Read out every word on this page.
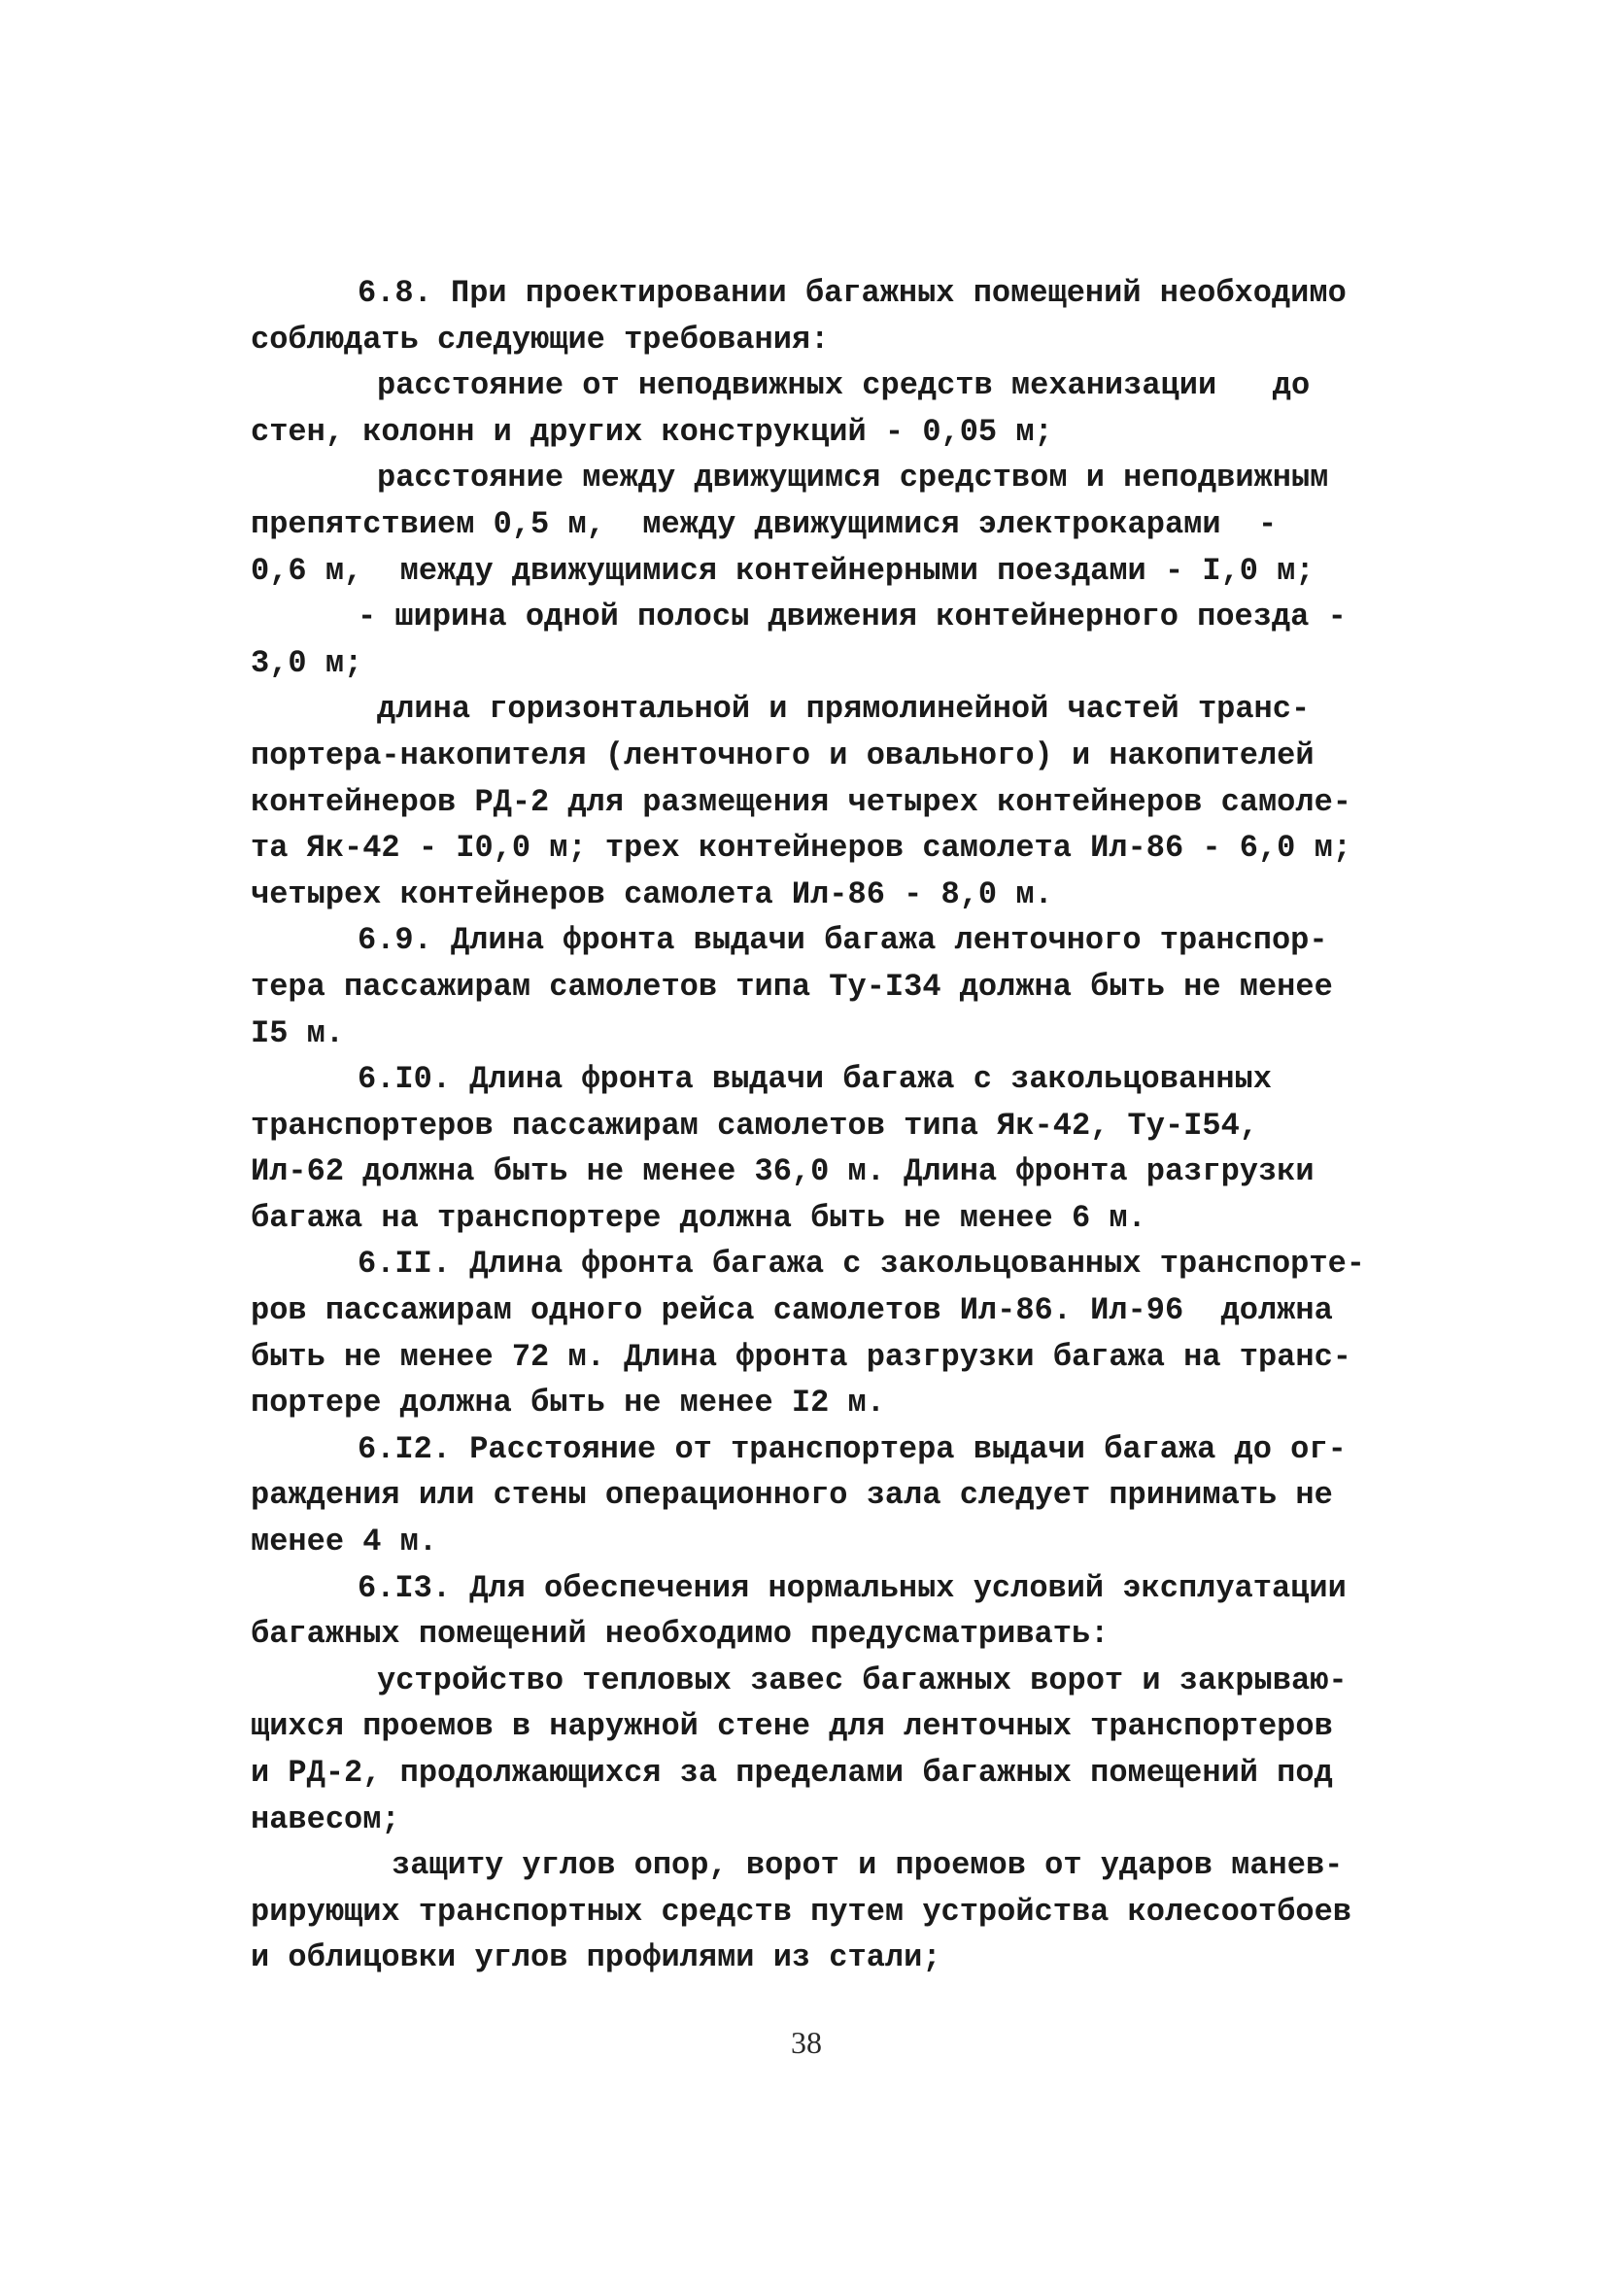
6.8. При проектировании багажных помещений необходимо
соблюдать следующие требования:
расстояние от неподвижных средств механизации   до
стен, колонн и других конструкций - 0,05 м;
расстояние между движущимся средством и неподвижным
препятствием 0,5 м,  между движущимися электрокарами  -
0,6 м,  между движущимися контейнерными поездами - I,0 м;
- ширина одной полосы движения контейнерного поезда -
3,0 м;
длина горизонтальной и прямолинейной частей транс-
портера-накопителя (ленточного и овального) и накопителей
контейнеров РД-2 для размещения четырех контейнеров самоле-
та Як-42 - I0,0 м; трех контейнеров самолета Ил-86 - 6,0 м;
четырех контейнеров самолета Ил-86 - 8,0 м.
6.9. Длина фронта выдачи багажа ленточного транспор-
тера пассажирам самолетов типа Ту-I34 должна быть не менее
I5 м.
6.I0. Длина фронта выдачи багажа с закольцованных
транспортеров пассажирам самолетов типа Як-42, Ту-I54,
Ил-62 должна быть не менее 36,0 м. Длина фронта разгрузки
багажа на транспортере должна быть не менее 6 м.
6.II. Длина фронта багажа с закольцованных транспорте-
ров пассажирам одного рейса самолетов Ил-86. Ил-96  должна
быть не менее 72 м. Длина фронта разгрузки багажа на транс-
портере должна быть не менее I2 м.
6.I2. Расстояние от транспортера выдачи багажа до ог-
раждения или стены операционного зала следует принимать не
менее 4 м.
6.I3. Для обеспечения нормальных условий эксплуатации
багажных помещений необходимо предусматривать:
устройство тепловых завес багажных ворот и закрываю-
щихся проемов в наружной стене для ленточных транспортеров
и РД-2, продолжающихся за пределами багажных помещений под
навесом;
защиту углов опор, ворот и проемов от ударов манев-
рирующих транспортных средств путем устройства колесоотбоев
и облицовки углов профилями из стали;
38
